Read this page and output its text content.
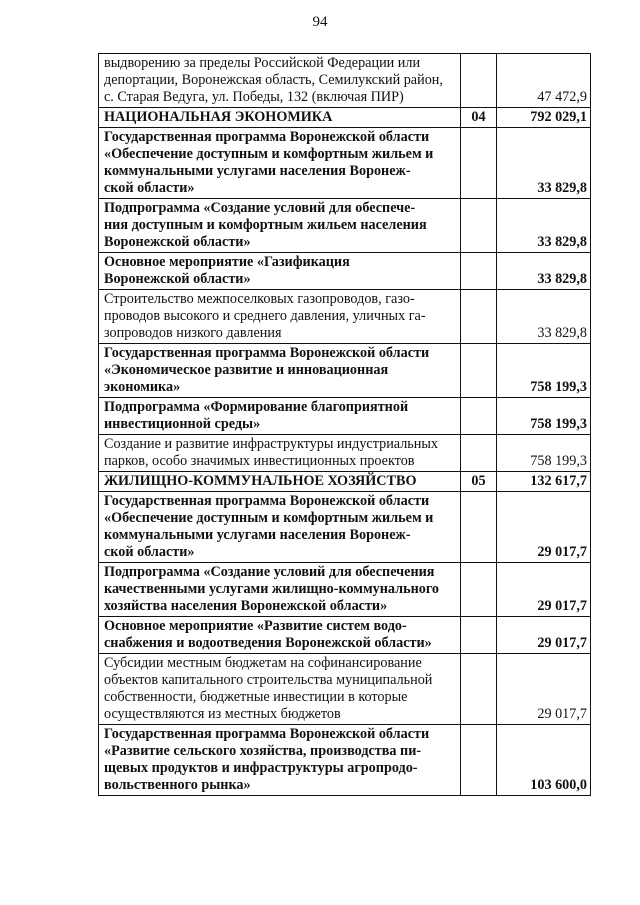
94
выдворению за пределы Российской Федерации или
депортации, Воронежская область, Семилукский район,
с. Старая Ведуга, ул. Победы, 132 (включая ПИР)		47 472,9

НАЦИОНАЛЬНАЯ ЭКОНОМИКА	04	792 029,1

Государственная программа Воронежской области
«Обеспечение доступным и комфортным жильем и
коммунальными услугами населения Воронеж-
ской области»		33 829,8

Подпрограмма «Создание условий для обеспече-
ния доступным и комфортным жильем населения
Воронежской области»		33 829,8

Основное мероприятие «Газификация
Воронежской области»		33 829,8

Строительство межпоселковых газопроводов, газо-
проводов высокого и среднего давления, уличных га-
зопроводов низкого давления		33 829,8

Государственная программа Воронежской области
«Экономическое развитие и инновационная
экономика»		758 199,3

Подпрограмма «Формирование благоприятной
инвестиционной среды»		758 199,3

Создание и развитие инфраструктуры индустриальных
парков, особо значимых инвестиционных проектов		758 199,3

ЖИЛИЩНО-КОММУНАЛЬНОЕ ХОЗЯЙСТВО	05	132 617,7

Государственная программа Воронежской области
«Обеспечение доступным и комфортным жильем и
коммунальными услугами населения Воронеж-
ской области»		29 017,7

Подпрограмма «Создание условий для обеспечения
качественными услугами жилищно-коммунального
хозяйства населения Воронежской области»		29 017,7

Основное мероприятие «Развитие систем водо-
снабжения и водоотведения Воронежской области»		29 017,7

Субсидии местным бюджетам на софинансирование
объектов капитального строительства муниципальной
собственности, бюджетные инвестиции в которые
осуществляются из местных бюджетов		29 017,7

Государственная программа Воронежской области
«Развитие сельского хозяйства, производства пи-
щевых продуктов и инфраструктуры агропродо-
вольственного рынка»		103 600,0
